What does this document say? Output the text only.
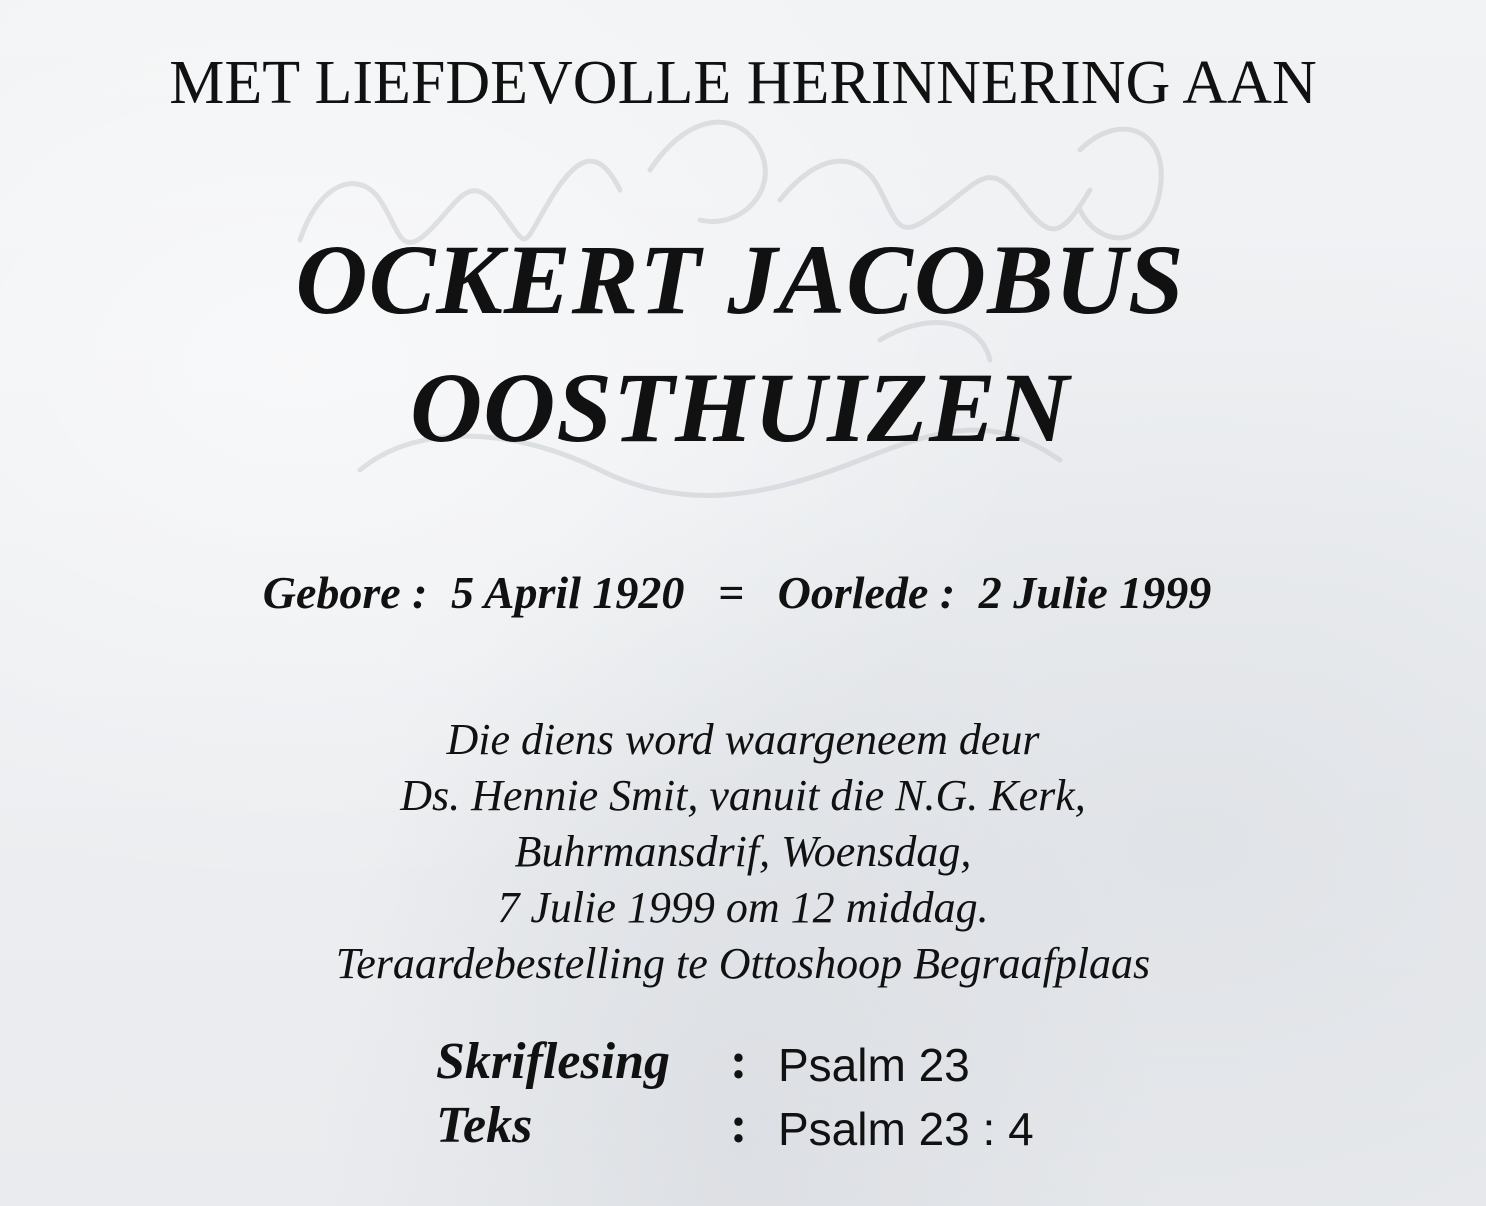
MET LIEFDEVOLLE HERINNERING AAN
OCKERT JACOBUS
OOSTHUIZEN

Gebore : 5 April 1920 = Oorlede : 2 Julie 1999

Die diens word waargeneem deur
Ds. Hennie Smit, vanuit die N.G. Kerk,
Buhrmansdrif, Woensdag,
7 Julie 1999 om 12 middag.
Teraardebestelling te Ottoshoop Begraafplaas
Skriflesing : Psalm 23
Teks	: Psalm 23 : 4
